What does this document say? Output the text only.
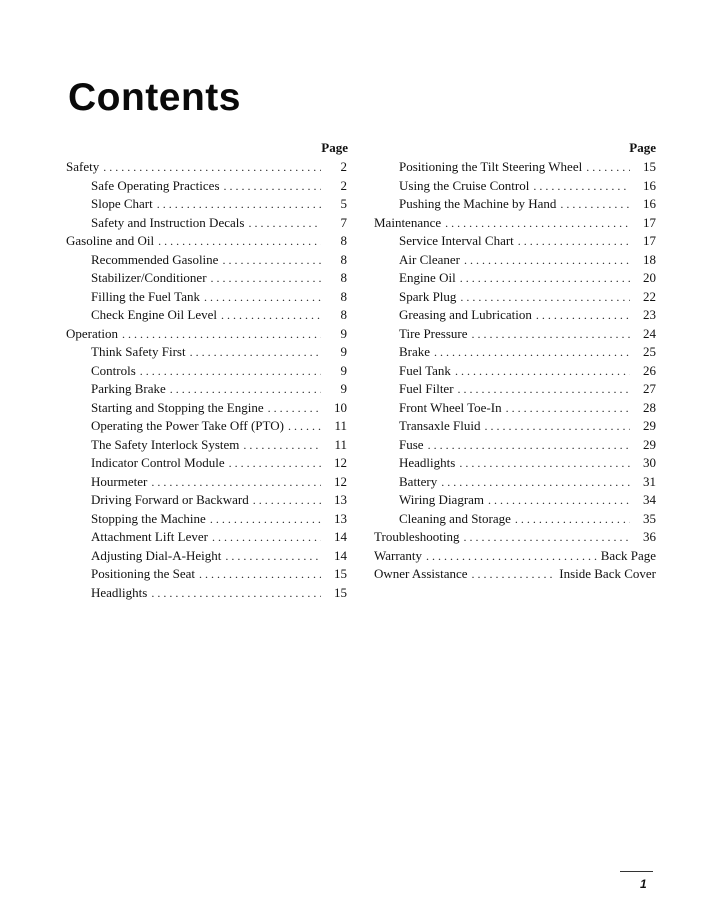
Contents
Page
Safety . . .	2
Safe Operating Practices . . .	2
Slope Chart . . .	5
Safety and Instruction Decals . . .	7
Gasoline and Oil . . .	8
Recommended Gasoline . . .	8
Stabilizer/Conditioner . . .	8
Filling the Fuel Tank . . .	8
Check Engine Oil Level . . .	8
Operation . . .	9
Think Safety First . . .	9
Controls . . .	9
Parking Brake . . .	9
Starting and Stopping the Engine . . .	10
Operating the Power Take Off (PTO) . . .	11
The Safety Interlock System . . .	11
Indicator Control Module . . .	12
Hourmeter . . .	12
Driving Forward or Backward . . .	13
Stopping the Machine . . .	13
Attachment Lift Lever . . .	14
Adjusting Dial-A-Height . . .	14
Positioning the Seat . . .	15
Headlights . . .	15
Page
Positioning the Tilt Steering Wheel . . .	15
Using the Cruise Control . . .	16
Pushing the Machine by Hand . . .	16
Maintenance . . .	17
Service Interval Chart . . .	17
Air Cleaner . . .	18
Engine Oil . . .	20
Spark Plug . . .	22
Greasing and Lubrication . . .	23
Tire Pressure . . .	24
Brake . . .	25
Fuel Tank . . .	26
Fuel Filter . . .	27
Front Wheel Toe-In . . .	28
Transaxle Fluid . . .	29
Fuse . . .	29
Headlights . . .	30
Battery . . .	31
Wiring Diagram . . .	34
Cleaning and Storage . . .	35
Troubleshooting . . .	36
Warranty . . .	Back Page
Owner Assistance . . .	Inside Back Cover
1
